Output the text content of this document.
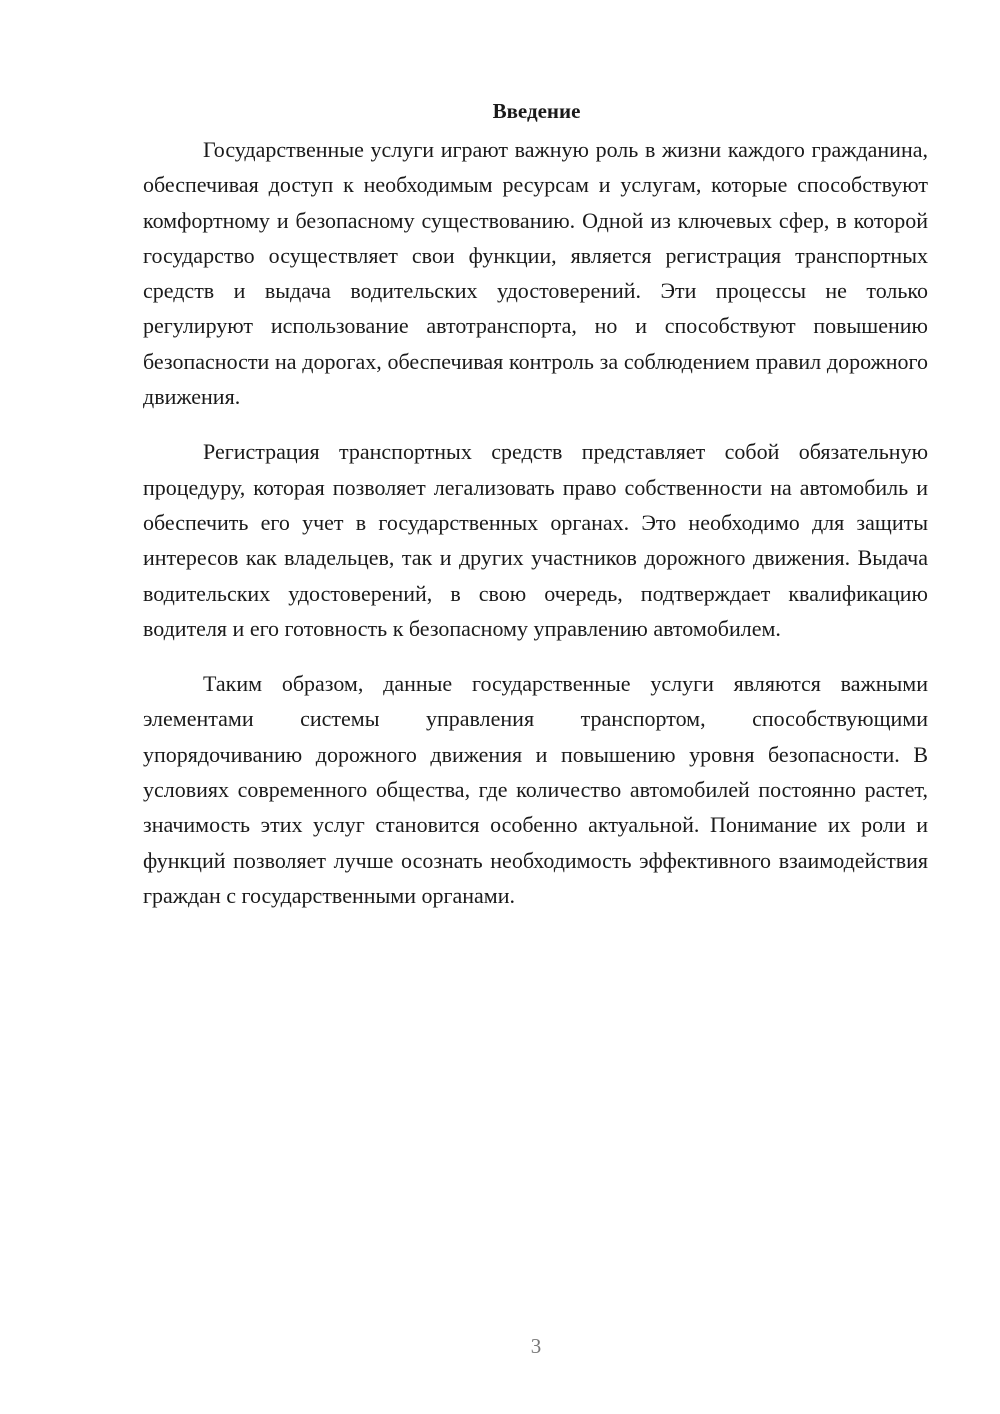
Введение

Государственные услуги играют важную роль в жизни каждого гражданина, обеспечивая доступ к необходимым ресурсам и услугам, которые способствуют комфортному и безопасному существованию. Одной из ключевых сфер, в которой государство осуществляет свои функции, является регистрация транспортных средств и выдача водительских удостоверений. Эти процессы не только регулируют использование автотранспорта, но и способствуют повышению безопасности на дорогах, обеспечивая контроль за соблюдением правил дорожного движения.

Регистрация транспортных средств представляет собой обязательную процедуру, которая позволяет легализовать право собственности на автомобиль и обеспечить его учет в государственных органах. Это необходимо для защиты интересов как владельцев, так и других участников дорожного движения. Выдача водительских удостоверений, в свою очередь, подтверждает квалификацию водителя и его готовность к безопасному управлению автомобилем.

Таким образом, данные государственные услуги являются важными элементами системы управления транспортом, способствующими упорядочиванию дорожного движения и повышению уровня безопасности. В условиях современного общества, где количество автомобилей постоянно растет, значимость этих услуг становится особенно актуальной. Понимание их роли и функций позволяет лучше осознать необходимость эффективного взаимодействия граждан с государственными органами.

3
